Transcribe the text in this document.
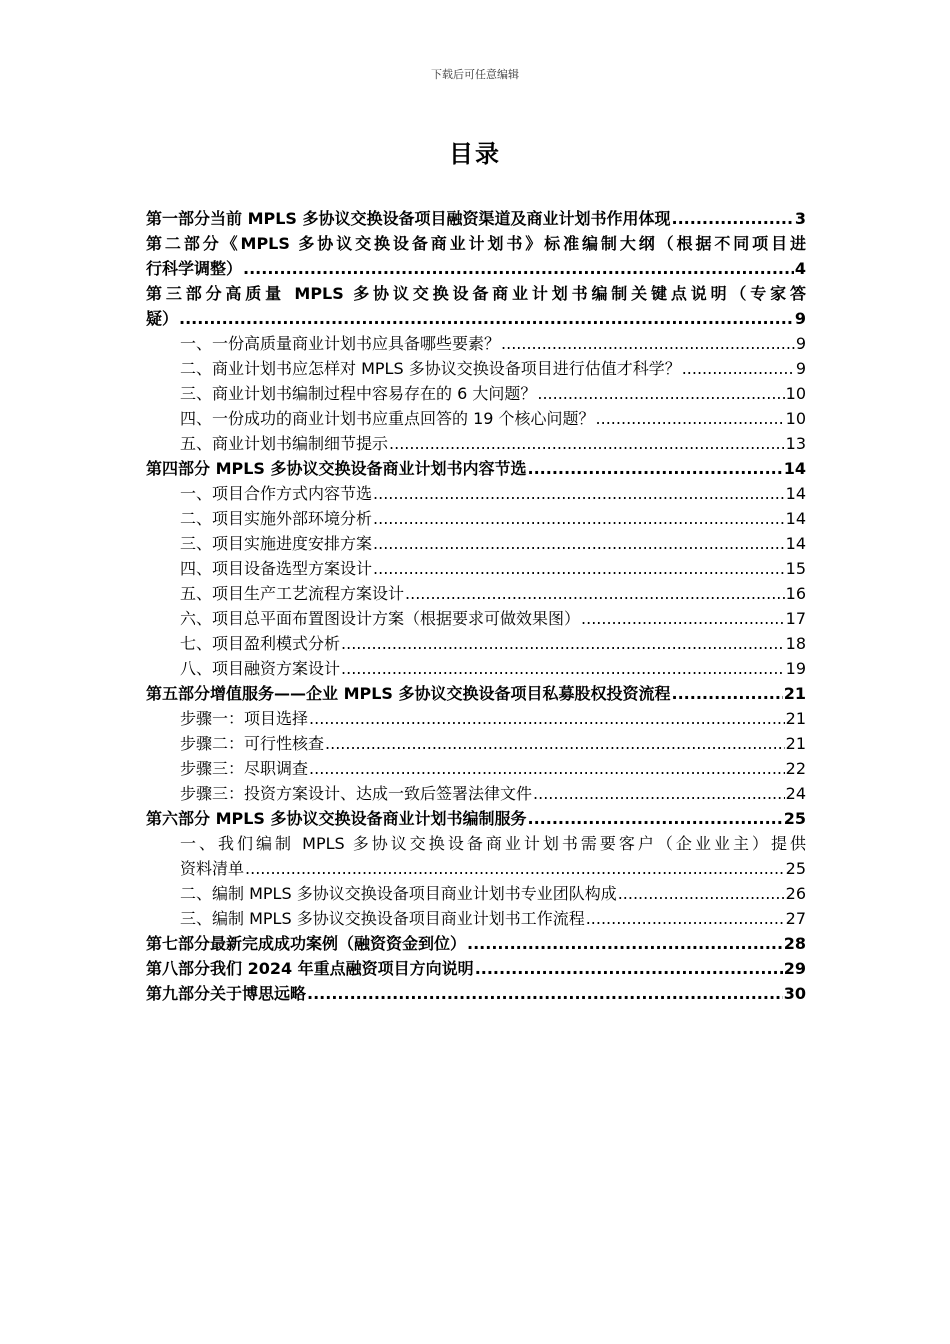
下载后可任意编辑
目录
第一部分当前 MPLS 多协议交换设备项目融资渠道及商业计划书作用体现 .....	3
第二部分《MPLS 多协议交换设备商业计划书》标准编制大纲（根据不同项目进
行科学调整） .....	4
第三部分高质量 MPLS 多协议交换设备商业计划书编制关键点说明（专家答
疑） .....	9
一、一份高质量商业计划书应具备哪些要素？ .....	9
二、商业计划书应怎样对 MPLS 多协议交换设备项目进行估值才科学？ .....	9
三、商业计划书编制过程中容易存在的 6 大问题？ .....	10
四、一份成功的商业计划书应重点回答的 19 个核心问题？ .....	10
五、商业计划书编制细节提示 .....	13
第四部分 MPLS 多协议交换设备商业计划书内容节选 .....	14
一、项目合作方式内容节选 .....	14
二、项目实施外部环境分析 .....	14
三、项目实施进度安排方案 .....	14
四、项目设备选型方案设计 .....	15
五、项目生产工艺流程方案设计 .....	16
六、项目总平面布置图设计方案（根据要求可做效果图） .....	17
七、项目盈利模式分析 .....	18
八、项目融资方案设计 .....	19
第五部分增值服务——企业 MPLS 多协议交换设备项目私募股权投资流程 .....	21
步骤一：项目选择 .....	21
步骤二：可行性核查 .....	21
步骤三：尽职调查 .....	22
步骤三：投资方案设计、达成一致后签署法律文件 .....	24
第六部分 MPLS 多协议交换设备商业计划书编制服务 .....	25
一、我们编制 MPLS 多协议交换设备商业计划书需要客户（企业业主）提供
资料清单 .....	25
二、编制 MPLS 多协议交换设备项目商业计划书专业团队构成 .....	26
三、编制 MPLS 多协议交换设备项目商业计划书工作流程 .....	27
第七部分最新完成成功案例（融资资金到位） .....	28
第八部分我们 2024 年重点融资项目方向说明 .....	29
第九部分关于博思远略 .....	30
